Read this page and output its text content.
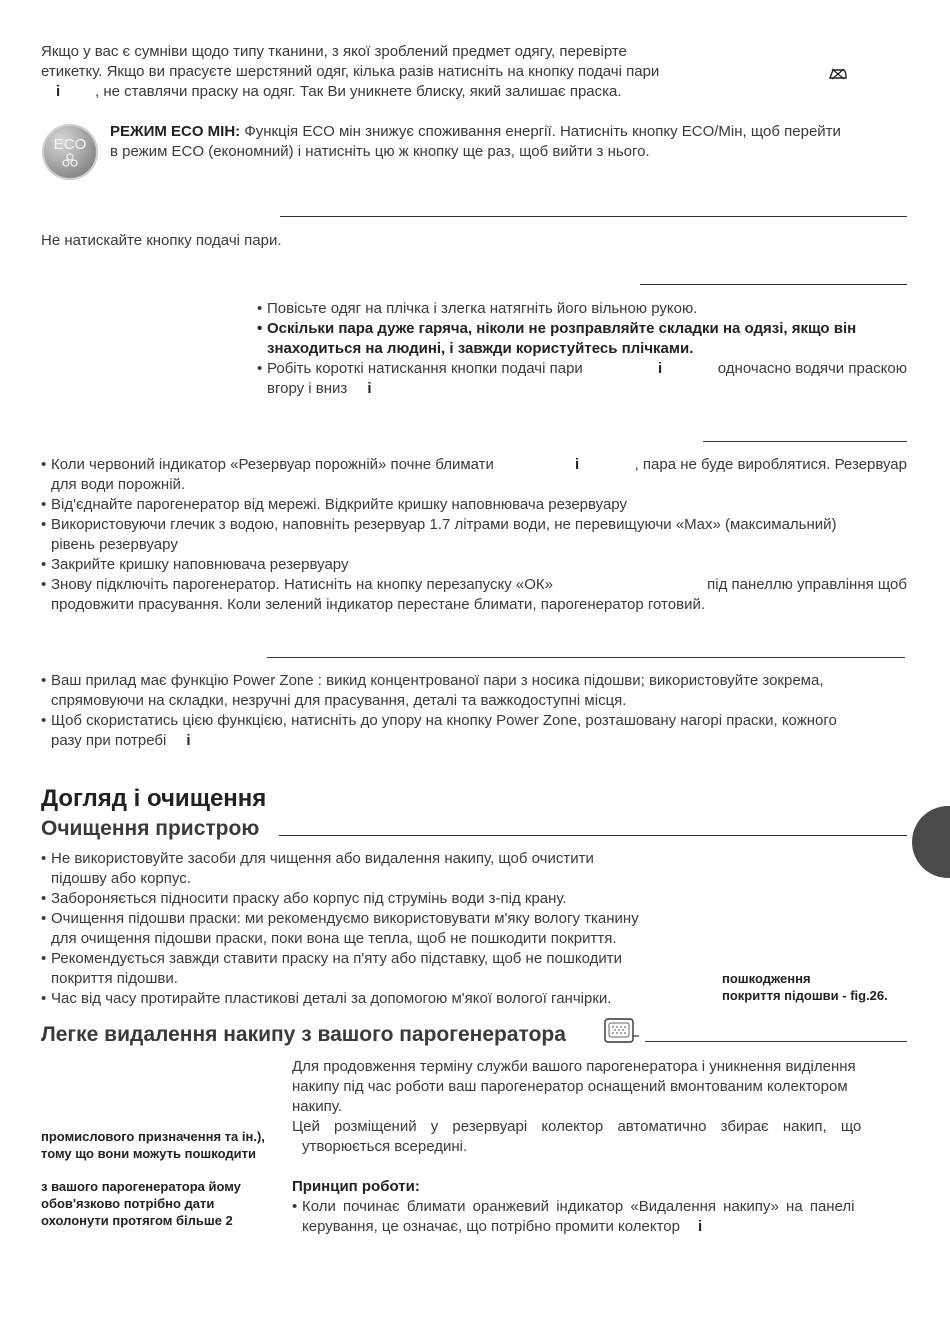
Якщо у вас є сумніви щодо типу тканини, з якої зроблений предмет одягу, перевірте
етикетку. Якщо ви прасуєте шерстяний одяг, кілька разів натисніть на кнопку подачі пари
i , не ставлячи праску на одяг. Так Ви уникнете блиску, який залишає праска.
ECO
РЕЖИМ ECO МІН: Функція ECO мін знижує споживання енергії. Натисніть кнопку ECO/Мін, щоб перейти
в режим ECO (економний) і натисніть цю ж кнопку ще раз, щоб вийти з нього.
Не натискайте кнопку подачі пари.
• Повісьте одяг на плічка і злегка натягніть його вільною рукою.
• Оскільки пара дуже гаряча, ніколи не розправляйте складки на одязі, якщо він
знаходиться на людині, і завжди користуйтесь плічками.
• Робіть короткі натискання кнопки подачі пари	i	одночасно водячи праскою
вгору і вниз i
• Коли червоний індикатор «Резервуар порожній» почне блимати	i	, пара не буде вироблятися. Резервуар
для води порожній.
• Від'єднайте парогенератор від мережі. Відкрийте кришку наповнювача резервуару
• Використовуючи глечик з водою, наповніть резервуар 1.7 літрами води, не перевищуючи «Max» (максимальний)
рівень резервуару
• Закрийте кришку наповнювача резервуару
• Знову підключіть парогенератор. Натисніть на кнопку перезапуску «ОК»	під панеллю управління щоб
продовжити прасування. Коли зелений індикатор перестане блимати, парогенератор готовий.
• Ваш прилад має функцію Power Zone : викид концентрованої пари з носика підошви; використовуйте зокрема,
спрямовуючи на складки, незручні для прасування, деталі та важкодоступні місця.
• Щоб скористатись цією функцією, натисніть до упору на кнопку Power Zone, розташовану нагорі праски, кожного
разу при потребі i
Догляд і очищення
Очищення пристрою
• Не використовуйте засоби для чищення або видалення накипу, щоб очистити
підошву або корпус.
• Забороняється підносити праску або корпус під струмінь води з-під крану.
• Очищення підошви праски: ми рекомендуємо використовувати м'яку вологу тканину
для очищення підошви праски, поки вона ще тепла, щоб не пошкодити покриття.
• Рекомендується завжди ставити праску на п'яту або підставку, щоб не пошкодити
покриття підошви.
• Час від часу протирайте пластикові деталі за допомогою м'якої вологої ганчірки.
пошкодження
покриття підошви - fig.26.
Легке видалення накипу з вашого парогенератора
промислового призначення та ін.),
тому що вони можуть пошкодити
з вашого парогенератора йому
обов'язково потрібно дати
охолонути протягом більше 2
Для продовження терміну служби вашого парогенератора і уникнення виділення
накипу під час роботи ваш парогенератор оснащений вмонтованим колектором
накипу.
Цей розміщений у резервуарі колектор автоматично збирає накип, що
утворюється всередині.
Принцип роботи:
• Коли починає блимати оранжевий індикатор «Видалення накипу» на панелі
керування, це означає, що потрібно промити колектор i
